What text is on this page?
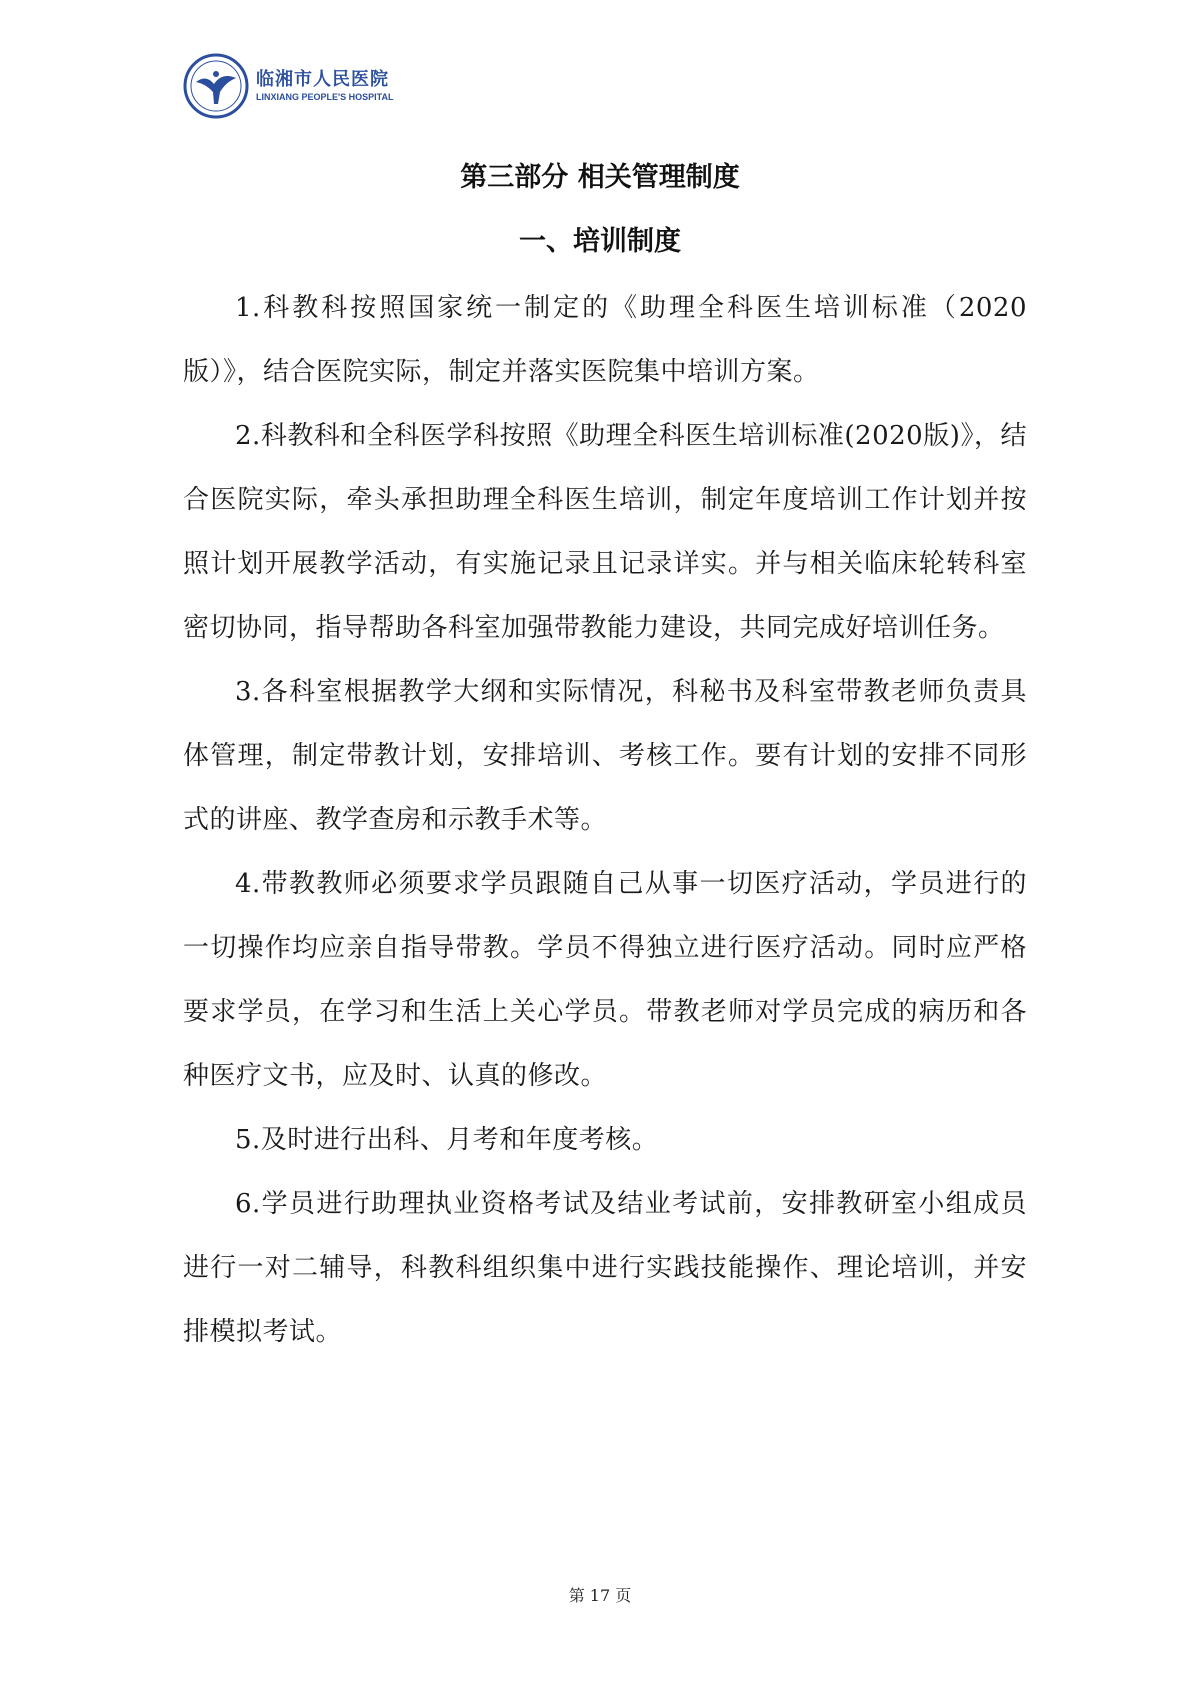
临湘市人民医院
LINXIANG PEOPLE'S HOSPITAL
第三部分 相关管理制度
一、培训制度

1.科教科按照国家统一制定的《助理全科医生培训标准（2020版）》，结合医院实际，制定并落实医院集中培训方案。

2.科教科和全科医学科按照《助理全科医生培训标准(2020版)》，结合医院实际，牵头承担助理全科医生培训，制定年度培训工作计划并按照计划开展教学活动，有实施记录且记录详实。并与相关临床轮转科室密切协同，指导帮助各科室加强带教能力建设，共同完成好培训任务。

3.各科室根据教学大纲和实际情况，科秘书及科室带教老师负责具体管理，制定带教计划，安排培训、考核工作。要有计划的安排不同形式的讲座、教学查房和示教手术等。

4.带教教师必须要求学员跟随自己从事一切医疗活动，学员进行的一切操作均应亲自指导带教。学员不得独立进行医疗活动。同时应严格要求学员，在学习和生活上关心学员。带教老师对学员完成的病历和各种医疗文书，应及时、认真的修改。

5.及时进行出科、月考和年度考核。

6.学员进行助理执业资格考试及结业考试前，安排教研室小组成员进行一对二辅导，科教科组织集中进行实践技能操作、理论培训，并安排模拟考试。

第 17 页
